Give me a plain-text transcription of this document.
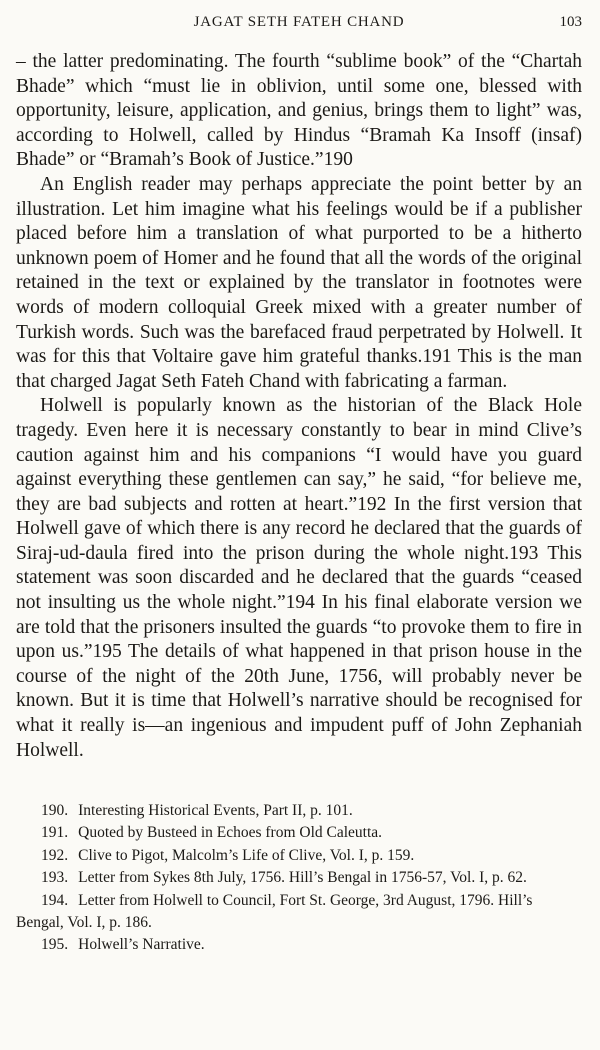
JAGAT SETH FATEH CHAND	103

– the latter predominating. The fourth “sublime book” of the “Chartah Bhade” which “must lie in oblivion, until some one, blessed with opportunity, leisure, application, and genius, brings them to light” was, according to Holwell, called by Hindus “Bramah Ka Insoff (insaf) Bhade” or “Bramah’s Book of Justice.”190

An English reader may perhaps appreciate the point better by an illustration. Let him imagine what his feelings would be if a publisher placed before him a translation of what purported to be a hitherto unknown poem of Homer and he found that all the words of the original retained in the text or explained by the translator in footnotes were words of modern colloquial Greek mixed with a greater number of Turkish words. Such was the barefaced fraud perpetrated by Holwell. It was for this that Voltaire gave him grateful thanks.191 This is the man that charged Jagat Seth Fateh Chand with fabricating a farman.

Holwell is popularly known as the historian of the Black Hole tragedy. Even here it is necessary constantly to bear in mind Clive’s caution against him and his companions “I would have you guard against everything these gentlemen can say,” he said, “for believe me, they are bad subjects and rotten at heart.”192 In the first version that Holwell gave of which there is any record he declared that the guards of Siraj-ud-daula fired into the prison during the whole night.193 This statement was soon discarded and he declared that the guards “ceased not insulting us the whole night.”194 In his final elaborate version we are told that the prisoners insulted the guards “to provoke them to fire in upon us.”195 The details of what happened in that prison house in the course of the night of the 20th June, 1756, will probably never be known. But it is time that Holwell’s narrative should be recognised for what it really is—an ingenious and impudent puff of John Zephaniah Holwell.

190. Interesting Historical Events, Part II, p. 101.

191. Quoted by Busteed in Echoes from Old Caleutta.

192. Clive to Pigot, Malcolm’s Life of Clive, Vol. I, p. 159.

193. Letter from Sykes 8th July, 1756. Hill’s Bengal in 1756-57, Vol. I, p. 62.

194. Letter from Holwell to Council, Fort St. George, 3rd August, 1796. Hill’s Bengal, Vol. I, p. 186.

195. Holwell’s Narrative.
